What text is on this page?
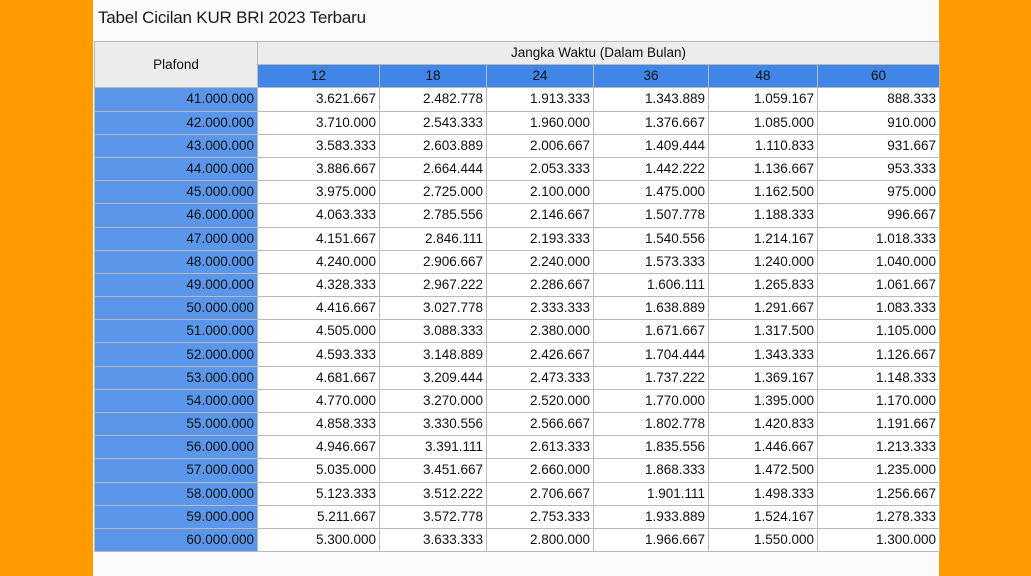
Tabel Cicilan KUR BRI 2023 Terbaru
Plafond	Jangka Waktu (Dalam Bulan)					
	12	18	24	36	48	60
41.000.000	3.621.667	2.482.778	1.913.333	1.343.889	1.059.167	888.333
42.000.000	3.710.000	2.543.333	1.960.000	1.376.667	1.085.000	910.000
43.000.000	3.583.333	2.603.889	2.006.667	1.409.444	1.110.833	931.667
44.000.000	3.886.667	2.664.444	2.053.333	1.442.222	1.136.667	953.333
45.000.000	3.975.000	2.725.000	2.100.000	1.475.000	1.162.500	975.000
46.000.000	4.063.333	2.785.556	2.146.667	1.507.778	1.188.333	996.667
47.000.000	4.151.667	2.846.111	2.193.333	1.540.556	1.214.167	1.018.333
48.000.000	4.240.000	2.906.667	2.240.000	1.573.333	1.240.000	1.040.000
49.000.000	4.328.333	2.967.222	2.286.667	1.606.111	1.265.833	1.061.667
50.000.000	4.416.667	3.027.778	2.333.333	1.638.889	1.291.667	1.083.333
51.000.000	4.505.000	3.088.333	2.380.000	1.671.667	1.317.500	1.105.000
52.000.000	4.593.333	3.148.889	2.426.667	1.704.444	1.343.333	1.126.667
53.000.000	4.681.667	3.209.444	2.473.333	1.737.222	1.369.167	1.148.333
54.000.000	4.770.000	3.270.000	2.520.000	1.770.000	1.395.000	1.170.000
55.000.000	4.858.333	3.330.556	2.566.667	1.802.778	1.420.833	1.191.667
56.000.000	4.946.667	3.391.111	2.613.333	1.835.556	1.446.667	1.213.333
57.000.000	5.035.000	3.451.667	2.660.000	1.868.333	1.472.500	1.235.000
58.000.000	5.123.333	3.512.222	2.706.667	1.901.111	1.498.333	1.256.667
59.000.000	5.211.667	3.572.778	2.753.333	1.933.889	1.524.167	1.278.333
60.000.000	5.300.000	3.633.333	2.800.000	1.966.667	1.550.000	1.300.000
